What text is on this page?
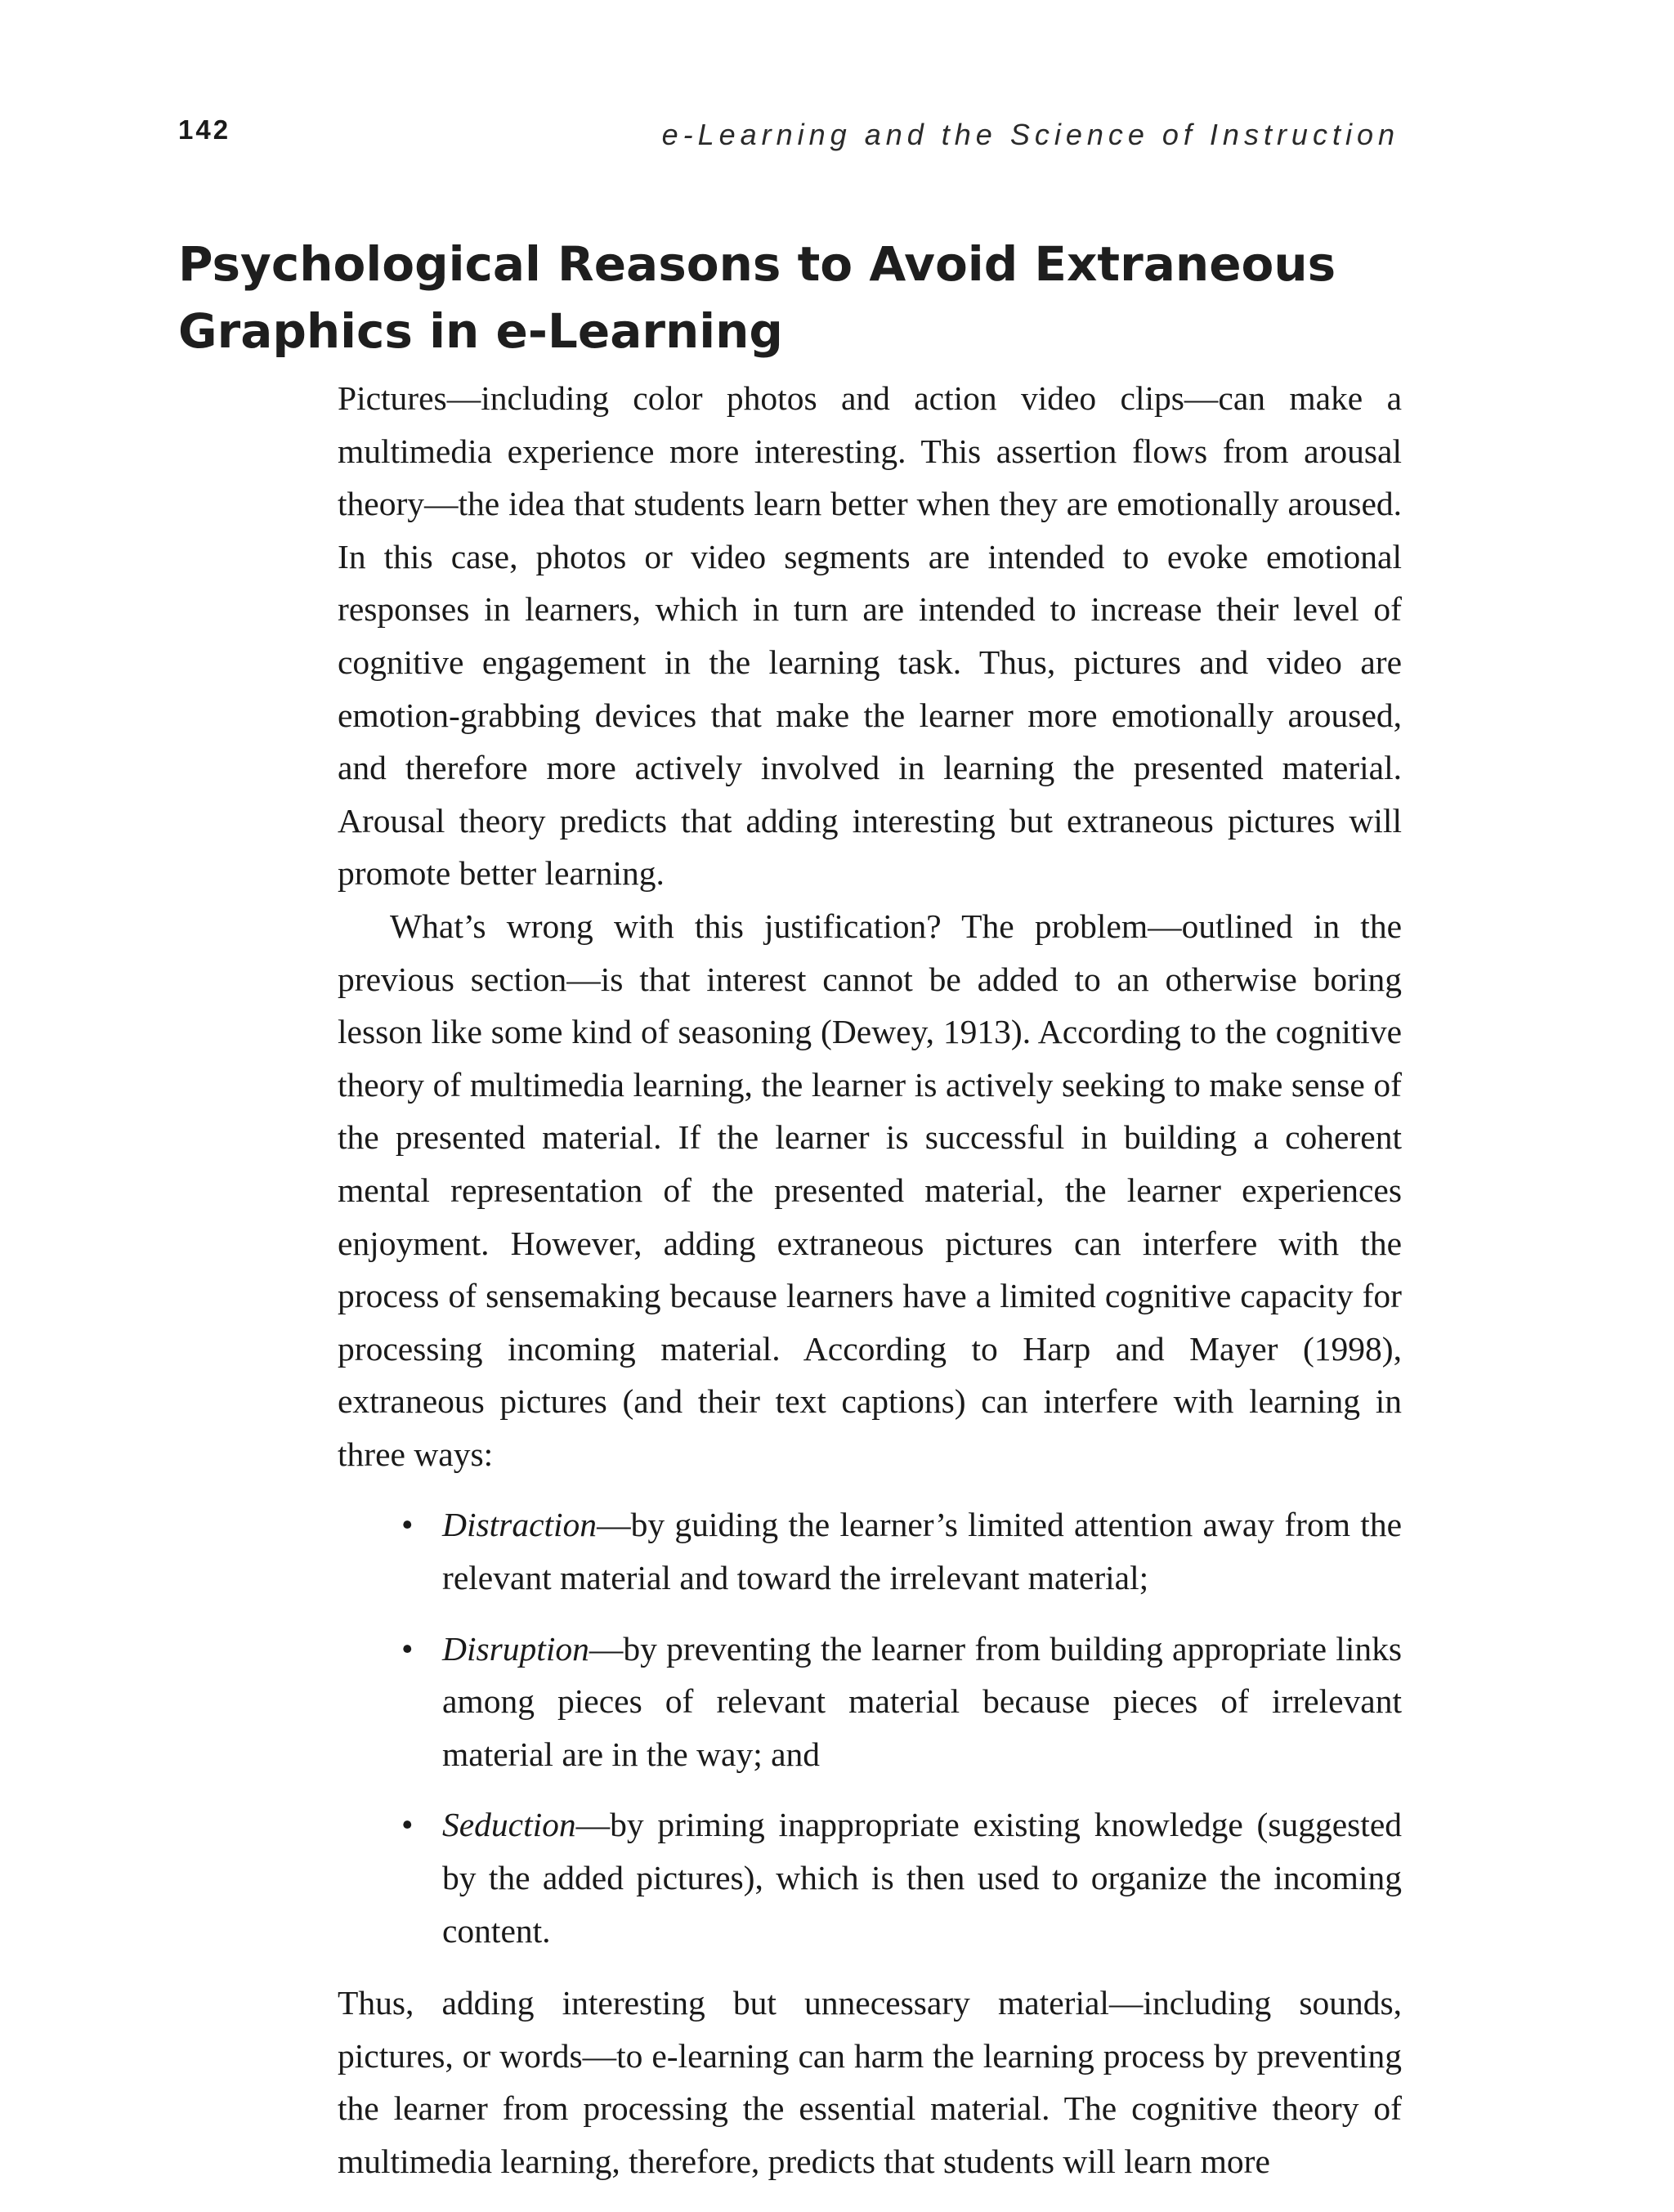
142	e-Learning and the Science of Instruction
Psychological Reasons to Avoid Extraneous
Graphics in e-Learning

Pictures—including color photos and action video clips—can make a multimedia experience more interesting. This assertion flows from arousal theory—the idea that students learn better when they are emotionally aroused. In this case, photos or video segments are intended to evoke emotional responses in learners, which in turn are intended to increase their level of cognitive engagement in the learning task. Thus, pictures and video are emotion-grabbing devices that make the learner more emotionally aroused, and therefore more actively involved in learning the presented material. Arousal theory predicts that adding interesting but extraneous pictures will promote better learning.

What’s wrong with this justification? The problem—outlined in the previous section—is that interest cannot be added to an otherwise boring lesson like some kind of seasoning (Dewey, 1913). According to the cognitive theory of multimedia learning, the learner is actively seeking to make sense of the presented material. If the learner is successful in building a coherent mental representation of the presented material, the learner experiences enjoyment. However, adding extraneous pictures can interfere with the process of sensemaking because learners have a limited cognitive capacity for processing incoming material. According to Harp and Mayer (1998), extraneous pictures (and their text captions) can interfere with learning in three ways:

• Distraction—by guiding the learner’s limited attention away from the relevant material and toward the irrelevant material;
• Disruption—by preventing the learner from building appropriate links among pieces of relevant material because pieces of irrelevant material are in the way; and
• Seduction—by priming inappropriate existing knowledge (suggested by the added pictures), which is then used to organize the incoming content.

Thus, adding interesting but unnecessary material—including sounds, pictures, or words—to e-learning can harm the learning process by preventing the learner from processing the essential material. The cognitive theory of multimedia learning, therefore, predicts that students will learn more
